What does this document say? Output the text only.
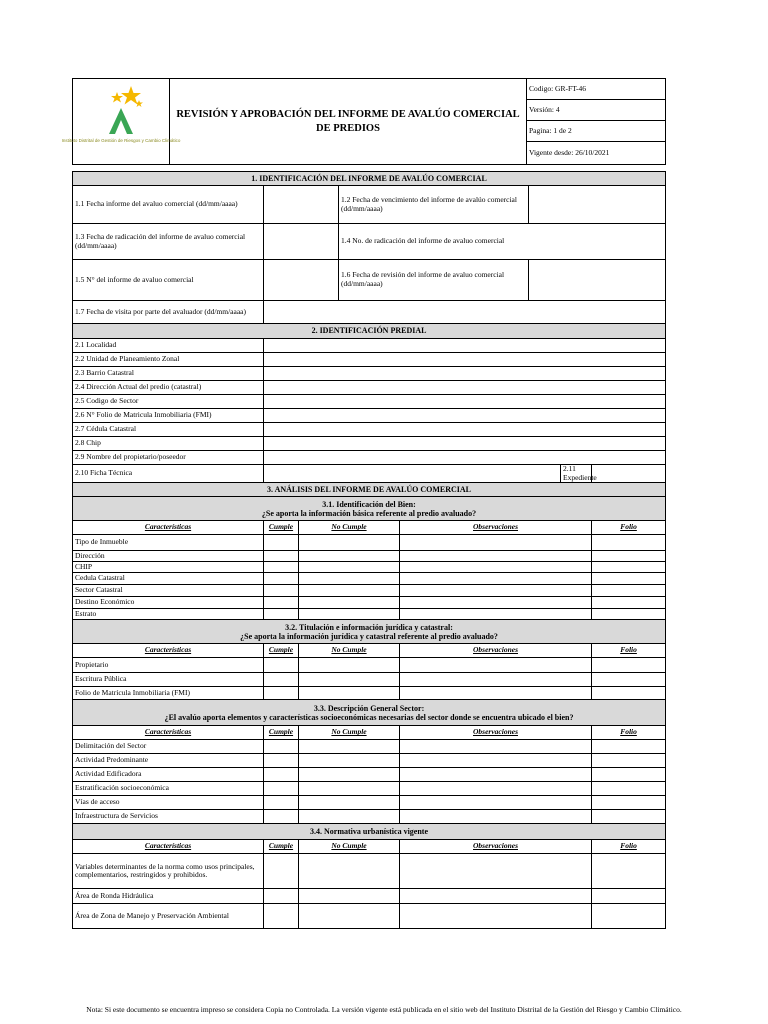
Instituto Distrital de Gestión de Riesgos y Cambio Climático
	REVISIÓN Y APROBACIÓN DEL INFORME DE AVALÚO COMERCIAL DE PREDIOS	Codigo: GR-FT-46
Versión: 4
Pagina: 1 de 2
Vigente desde: 26/10/2021
1. IDENTIFICACIÓN DEL INFORME DE AVALÚO COMERCIAL							
1.1 Fecha informe del avaluo comercial (dd/mm/aaaa)			1.2 Fecha de vencimiento del informe de avalúo comercial (dd/mm/aaaa)				
1.3 Fecha de radicación del informe de avaluo comercial (dd/mm/aaaa)			1.4 No. de radicación del informe de avaluo comercial				
1.5 N° del informe de avaluo comercial			1.6 Fecha de revisión del informe de avaluo comercial (dd/mm/aaaa)				
1.7 Fecha de visita por parte del avaluador (dd/mm/aaaa)							
2. IDENTIFICACIÓN PREDIAL							
2.1 Localidad							
2.2 Unidad de Planeamiento Zonal							
2.3 Barrio Catastral							
2.4 Dirección Actual del predio (catastral)							
2.5 Codigo de Sector							
2.6 N° Folio de Matricula Inmobiliaria (FMI)							
2.7 Cédula Catastral							
2.8 Chip							
2.9 Nombre del propietario/poseedor							
2.10 Ficha Técnica						2.11 Expediente	
3. ANÁLISIS DEL INFORME DE AVALÚO COMERCIAL							

3.1. Identificación del Bien:
¿Se aporta la información básica referente al predio avaluado?							

Características	Cumple	No Cumple		Observaciones			Folio
Tipo de Inmueble							
Dirección							
CHIP							
Cedula Catastral							
Sector Catastral							
Destino Económico							
Estrato							

3.2. Titulación e información jurídica y catastral:
¿Se aporta la información jurídica y catastral referente al predio avaluado?							

Características	Cumple	No Cumple		Observaciones			Folio
Propietario							
Escritura Pública							
Folio de Matrícula Inmobiliaria (FMI)							

3.3. Descripción General Sector:
¿El avalúo aporta elementos y características socioeconómicas necesarias del sector donde se encuentra ubicado el bien?							

Características	Cumple	No Cumple		Observaciones			Folio
Delimitación del Sector							
Actividad Predominante							
Actividad Edificadora							
Estratificación socioeconómica							
Vías de acceso							
Infraestructura de Servicios							
3.4. Normativa urbanística vigente							
Características	Cumple	No Cumple		Observaciones			Folio
Variables determinantes de la norma como usos principales, complementarios, restringidos y prohibidos.							
Área de Ronda Hidráulica							
Área de Zona de Manejo y Preservación Ambiental							
Nota: Si este documento se encuentra impreso se considera Copia no Controlada. La versión vigente está publicada en el sitio web del Instituto Distrital de la Gestión del Riesgo y Cambio Climático.
